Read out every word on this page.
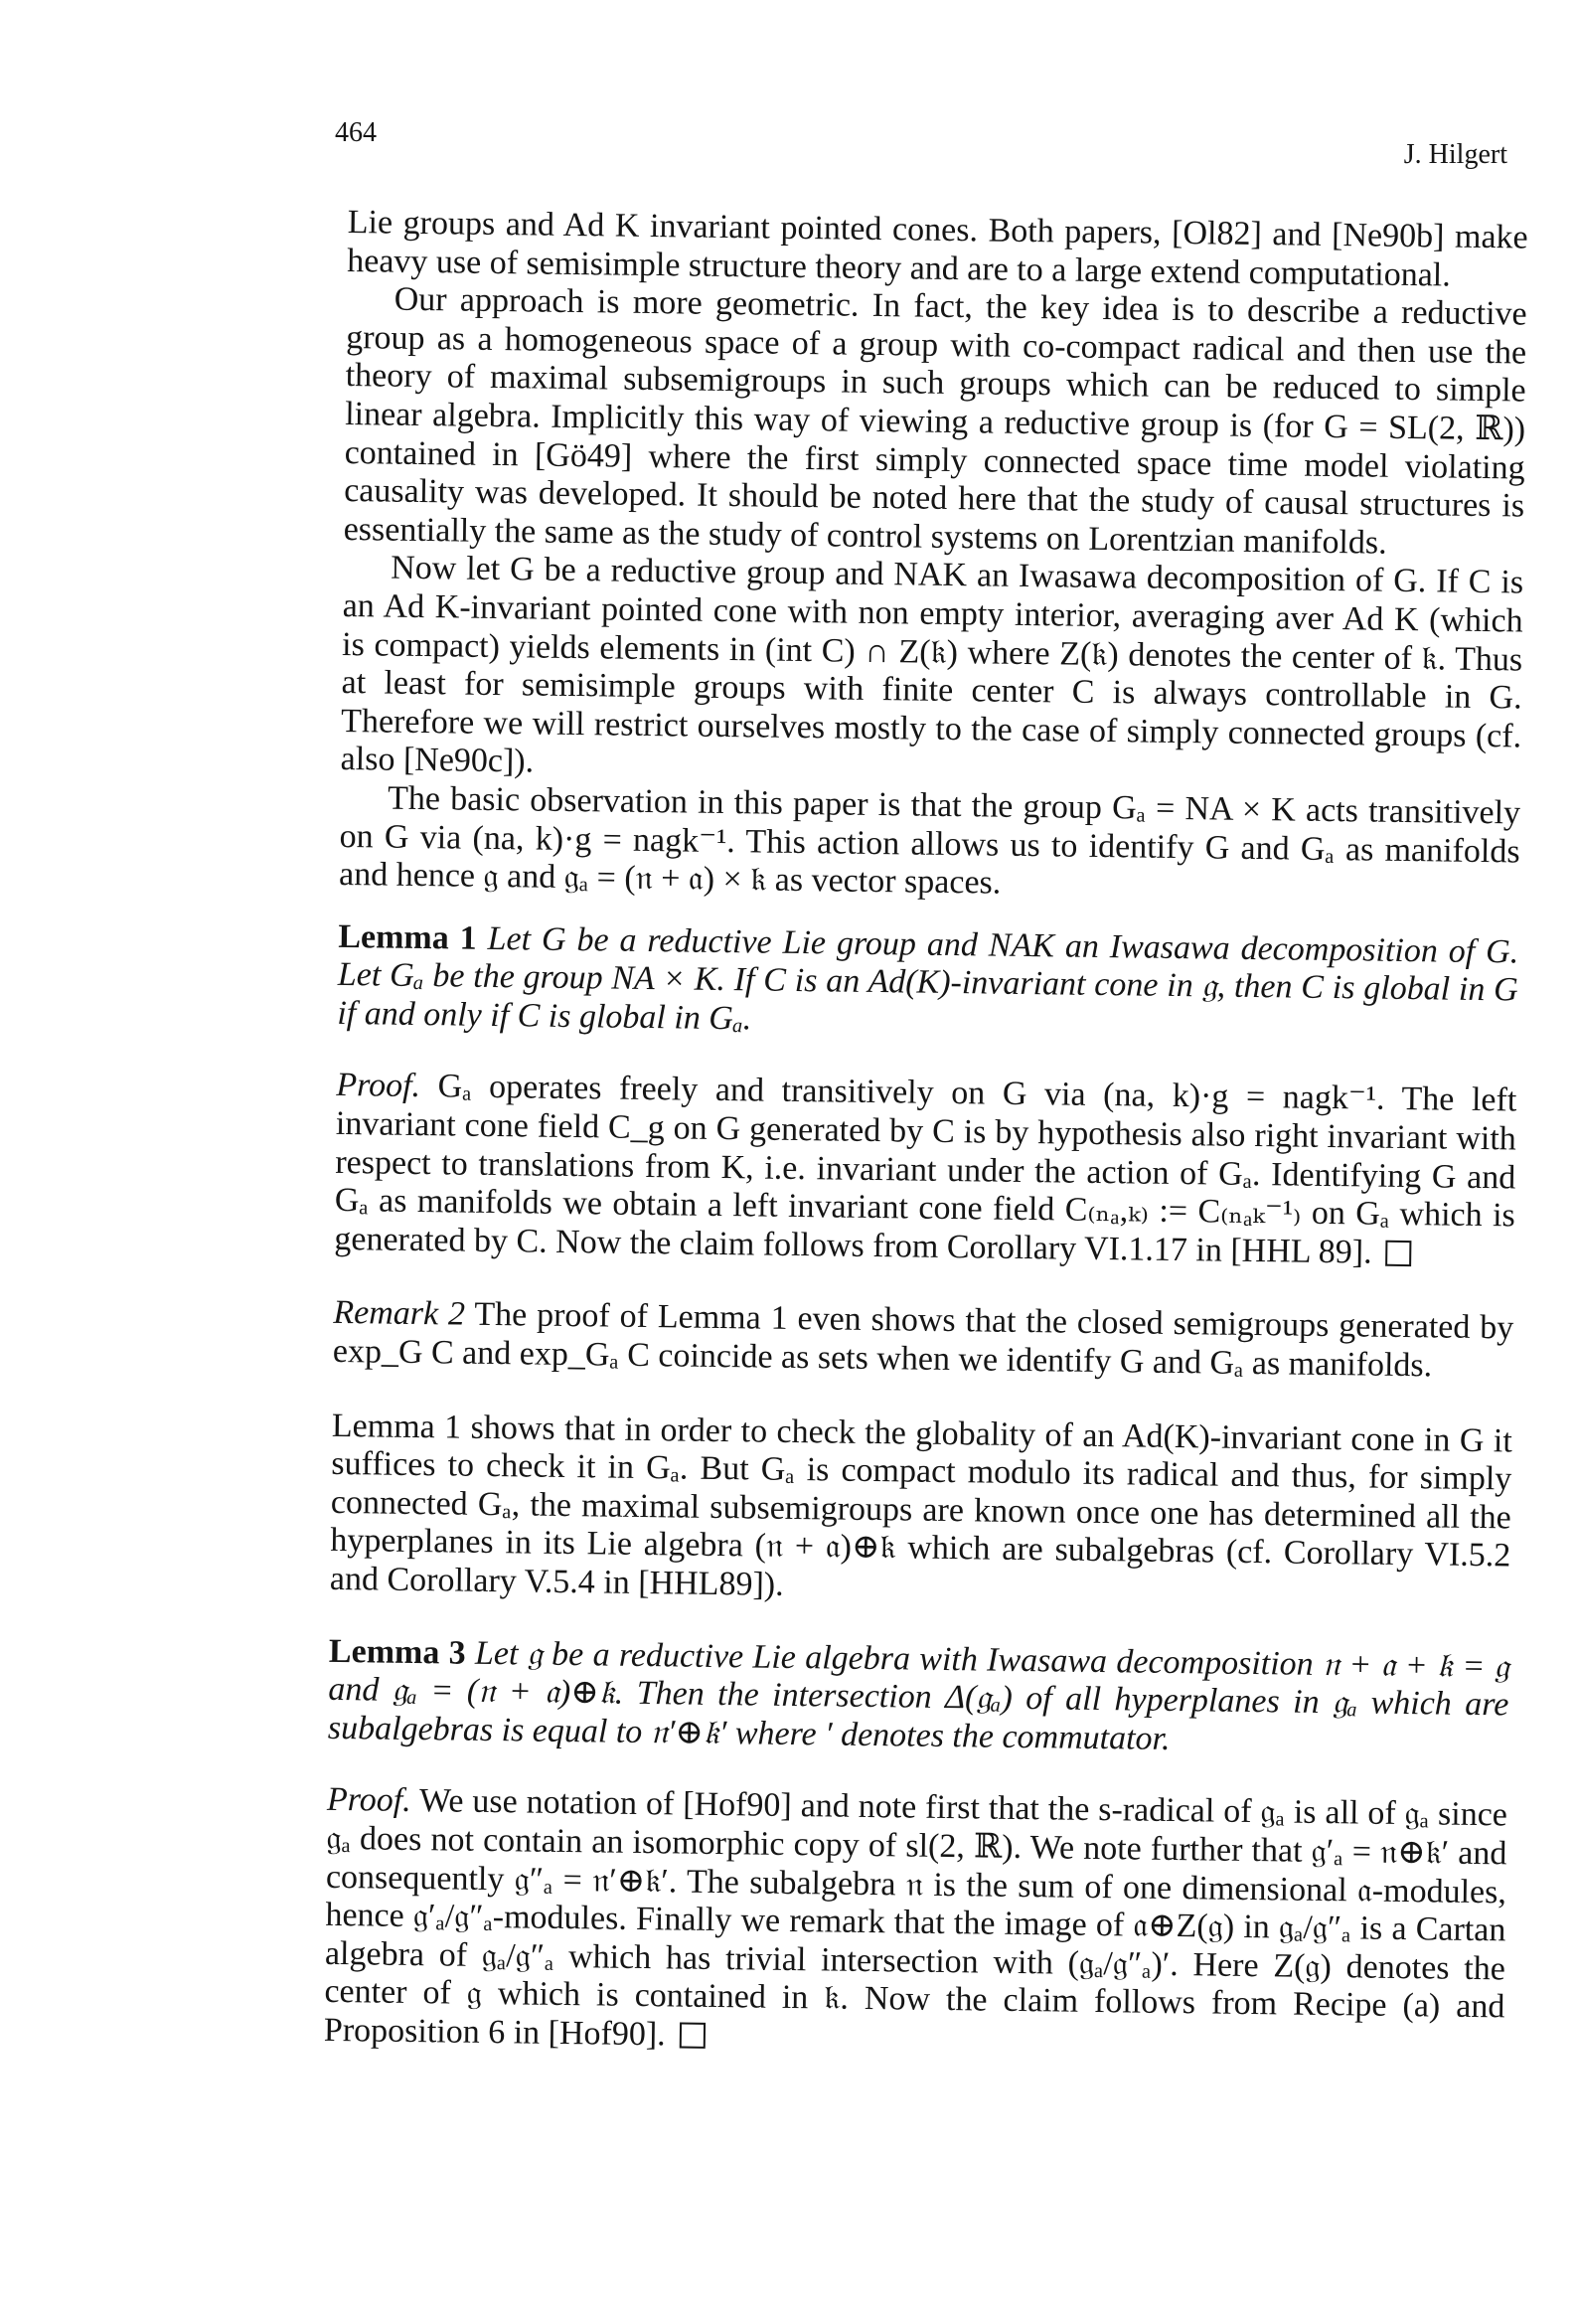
464
J. Hilgert

Lie groups and Ad K invariant pointed cones. Both papers, [Ol82] and [Ne90b] make heavy use of semisimple structure theory and are to a large extend computational.

Our approach is more geometric. In fact, the key idea is to describe a reductive group as a homogeneous space of a group with co-compact radical and then use the theory of maximal subsemigroups in such groups which can be reduced to simple linear algebra. Implicitly this way of viewing a reductive group is (for G = SL(2, ℝ)) contained in [Gö49] where the first simply connected space time model violating causality was developed. It should be noted here that the study of causal structures is essentially the same as the study of control systems on Lorentzian manifolds.

Now let G be a reductive group and NAK an Iwasawa decomposition of G. If C is an Ad K-invariant pointed cone with non empty interior, averaging aver Ad K (which is compact) yields elements in (int C) ∩ Z(𝔨) where Z(𝔨) denotes the center of 𝔨. Thus at least for semisimple groups with finite center C is always controllable in G. Therefore we will restrict ourselves mostly to the case of simply connected groups (cf. also [Ne90c]).

The basic observation in this paper is that the group Gₐ = NA × K acts transitively on G via (na, k)·g = nagk⁻¹. This action allows us to identify G and Gₐ as manifolds and hence 𝔤 and 𝔤ₐ = (𝔫 + 𝔞) × 𝔨 as vector spaces.

Lemma 1 Let G be a reductive Lie group and NAK an Iwasawa decomposition of G. Let Gₐ be the group NA × K. If C is an Ad(K)-invariant cone in 𝔤, then C is global in G if and only if C is global in Gₐ.

Proof. Gₐ operates freely and transitively on G via (na, k)·g = nagk⁻¹. The left invariant cone field C_g on G generated by C is by hypothesis also right invariant with respect to translations from K, i.e. invariant under the action of Gₐ. Identifying G and Gₐ as manifolds we obtain a left invariant cone field C₍ₙₐ,ₖ₎ := C₍ₙₐₖ⁻¹₎ on Gₐ which is generated by C. Now the claim follows from Corollary VI.1.17 in [HHL 89].

Remark 2 The proof of Lemma 1 even shows that the closed semigroups generated by exp_G C and exp_Gₐ C coincide as sets when we identify G and Gₐ as manifolds.

Lemma 1 shows that in order to check the globality of an Ad(K)-invariant cone in G it suffices to check it in Gₐ. But Gₐ is compact modulo its radical and thus, for simply connected Gₐ, the maximal subsemigroups are known once one has determined all the hyperplanes in its Lie algebra (𝔫 + 𝔞)⊕𝔨 which are subalgebras (cf. Corollary VI.5.2 and Corollary V.5.4 in [HHL89]).

Lemma 3 Let 𝔤 be a reductive Lie algebra with Iwasawa decomposition 𝔫 + 𝔞 + 𝔨 = 𝔤 and 𝔤ₐ = (𝔫 + 𝔞)⊕𝔨. Then the intersection Δ(𝔤ₐ) of all hyperplanes in 𝔤ₐ which are subalgebras is equal to 𝔫′⊕𝔨′ where ′ denotes the commutator.

Proof. We use notation of [Hof90] and note first that the s-radical of 𝔤ₐ is all of 𝔤ₐ since 𝔤ₐ does not contain an isomorphic copy of sl(2, ℝ). We note further that 𝔤′ₐ = 𝔫⊕𝔨′ and consequently 𝔤″ₐ = 𝔫′⊕𝔨′. The subalgebra 𝔫 is the sum of one dimensional 𝔞-modules, hence 𝔤′ₐ/𝔤″ₐ-modules. Finally we remark that the image of 𝔞⊕Z(𝔤) in 𝔤ₐ/𝔤″ₐ is a Cartan algebra of 𝔤ₐ/𝔤″ₐ which has trivial intersection with (𝔤ₐ/𝔤″ₐ)′. Here Z(𝔤) denotes the center of 𝔤 which is contained in 𝔨. Now the claim follows from Recipe (a) and Proposition 6 in [Hof90].
